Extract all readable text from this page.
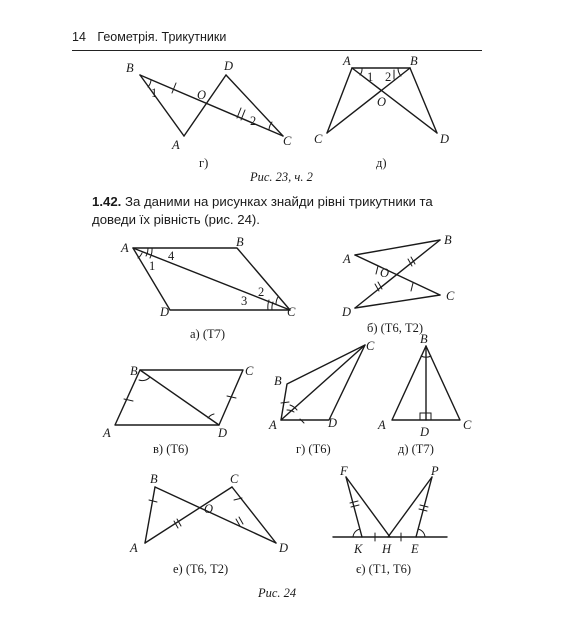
14 Геометрія. Трикутники
1.42. За даними на рисунках знайди рівні трикутники та доведи їх рівність (рис. 24).
B	D
O
A	C
1
2
г)
A	B
O
C	D
1 2
д)
Рис. 23, ч. 2
A	B
C
D
1
4
2
3
а) (Т7)
A
B
O
C
D
б) (Т6, Т2)
B	C
A	D
в) (Т6)
B
C
A	D
г) (Т6)
B
A	D	C
д) (Т7)
B	C
O
A	D
е) (Т6, Т2)
F	P
K H E
є) (Т1, Т6)
Рис. 24
